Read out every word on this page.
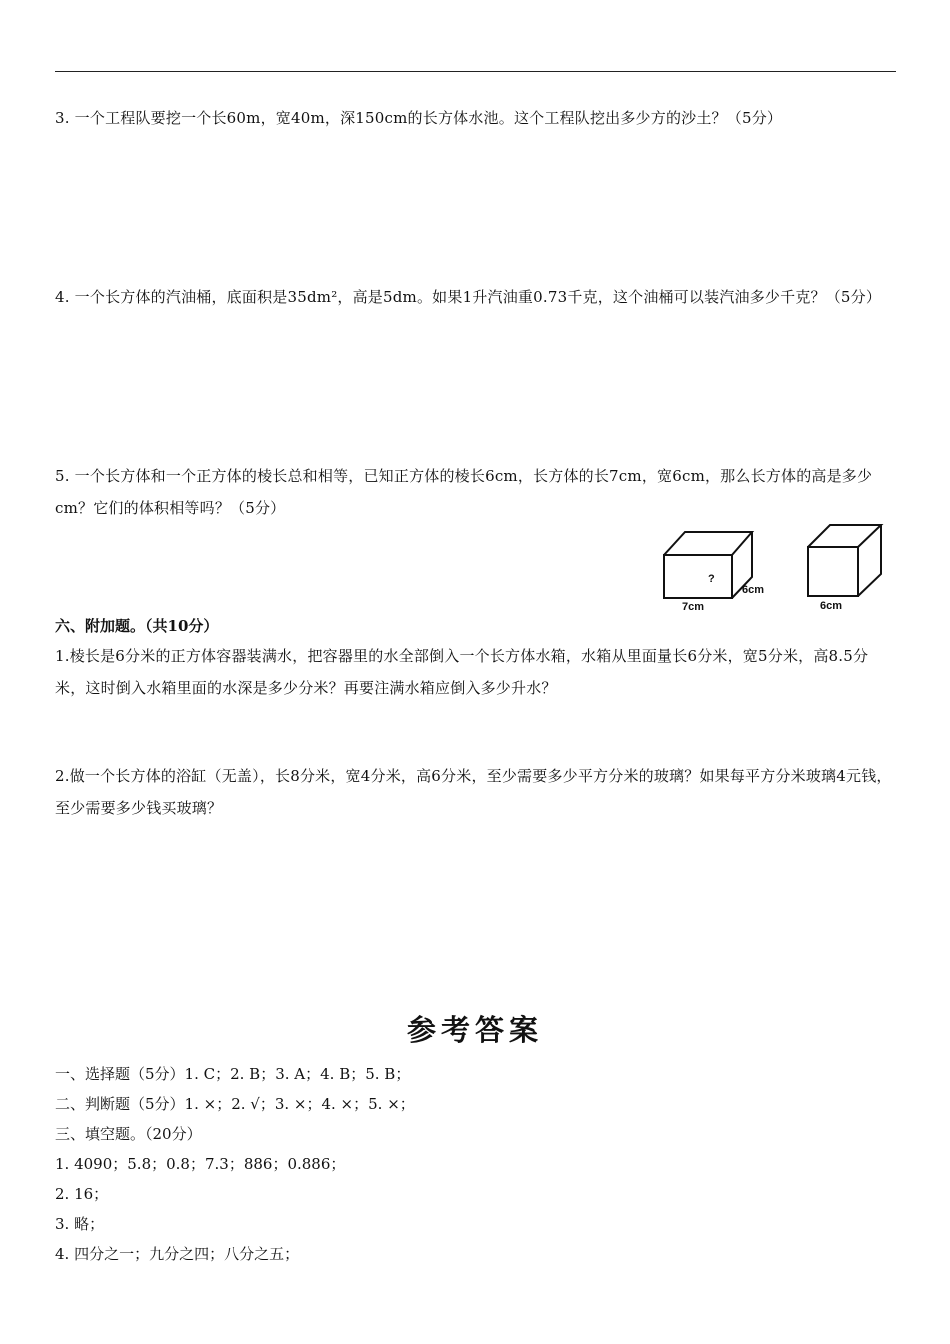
3. 一个工程队要挖一个长60m，宽40m，深150cm的长方体水池。这个工程队挖出多少方的沙土？（5分）
4. 一个长方体的汽油桶，底面积是35dm²，高是5dm。如果1升汽油重0.73千克，这个油桶可以装汽油多少千克？（5分）
5. 一个长方体和一个正方体的棱长总和相等，已知正方体的棱长6cm，长方体的长7cm，宽6cm，那么长方体的高是多少cm？它们的体积相等吗？（5分）
?
6cm
7cm	6cm
六、附加题。（共10分）
1.棱长是6分米的正方体容器装满水，把容器里的水全部倒入一个长方体水箱，水箱从里面量长6分米，宽5分米，高8.5分米，这时倒入水箱里面的水深是多少分米？再要注满水箱应倒入多少升水？
2.做一个长方体的浴缸（无盖），长8分米，宽4分米，高6分米，至少需要多少平方分米的玻璃？如果每平方分米玻璃4元钱，至少需要多少钱买玻璃？
参考答案
一、选择题（5分）1. C；2. B；3. A；4. B；5. B；
二、判断题（5分）1. ×；2. √；3. ×；4. ×；5. ×；
三、填空题。（20分）
1. 4090；5.8；0.8；7.3；886；0.886；
2. 16；
3. 略；
4. 四分之一；九分之四；八分之五；
